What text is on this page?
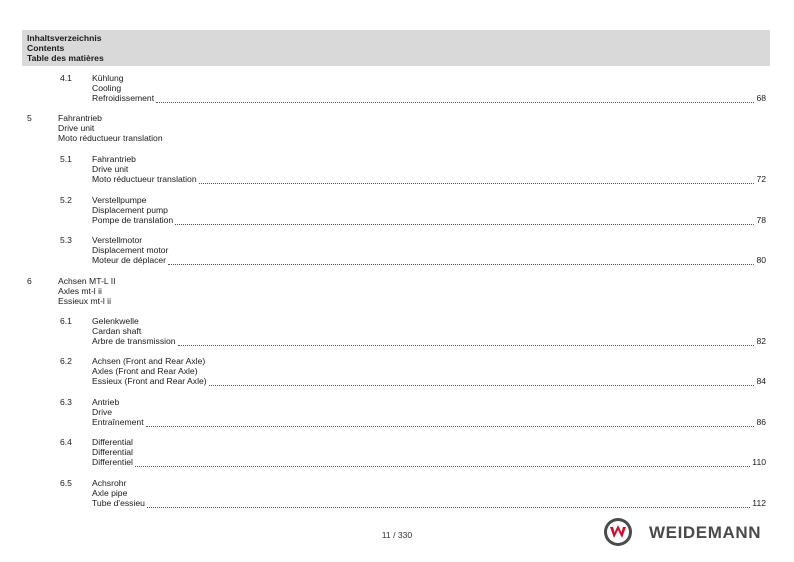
Inhaltsverzeichnis
Contents
Table des matières
4.1 Kühlung
Cooling
Refroidissement	68
5	Fahrantrieb
Drive unit
Moto réductueur translation
5.1 Fahrantrieb
Drive unit
Moto réductueur translation	72
5.2 Verstellpumpe
Displacement pump
Pompe de translation	78
5.3 Verstellmotor
Displacement motor
Moteur de déplacer	80
6	Achsen MT-L II
Axles mt-l ii
Essieux mt-l ii
6.1 Gelenkwelle
Cardan shaft
Arbre de transmission	82
6.2 Achsen (Front and Rear Axle)
Axles (Front and Rear Axle)
Essieux (Front and Rear Axle)	84
6.3 Antrieb
Drive
Entraînement	86
6.4 Differential
Differential
Differentiel	110
6.5 Achsrohr
Axle pipe
Tube d'essieu	112
11 / 330	WEIDEMANN
